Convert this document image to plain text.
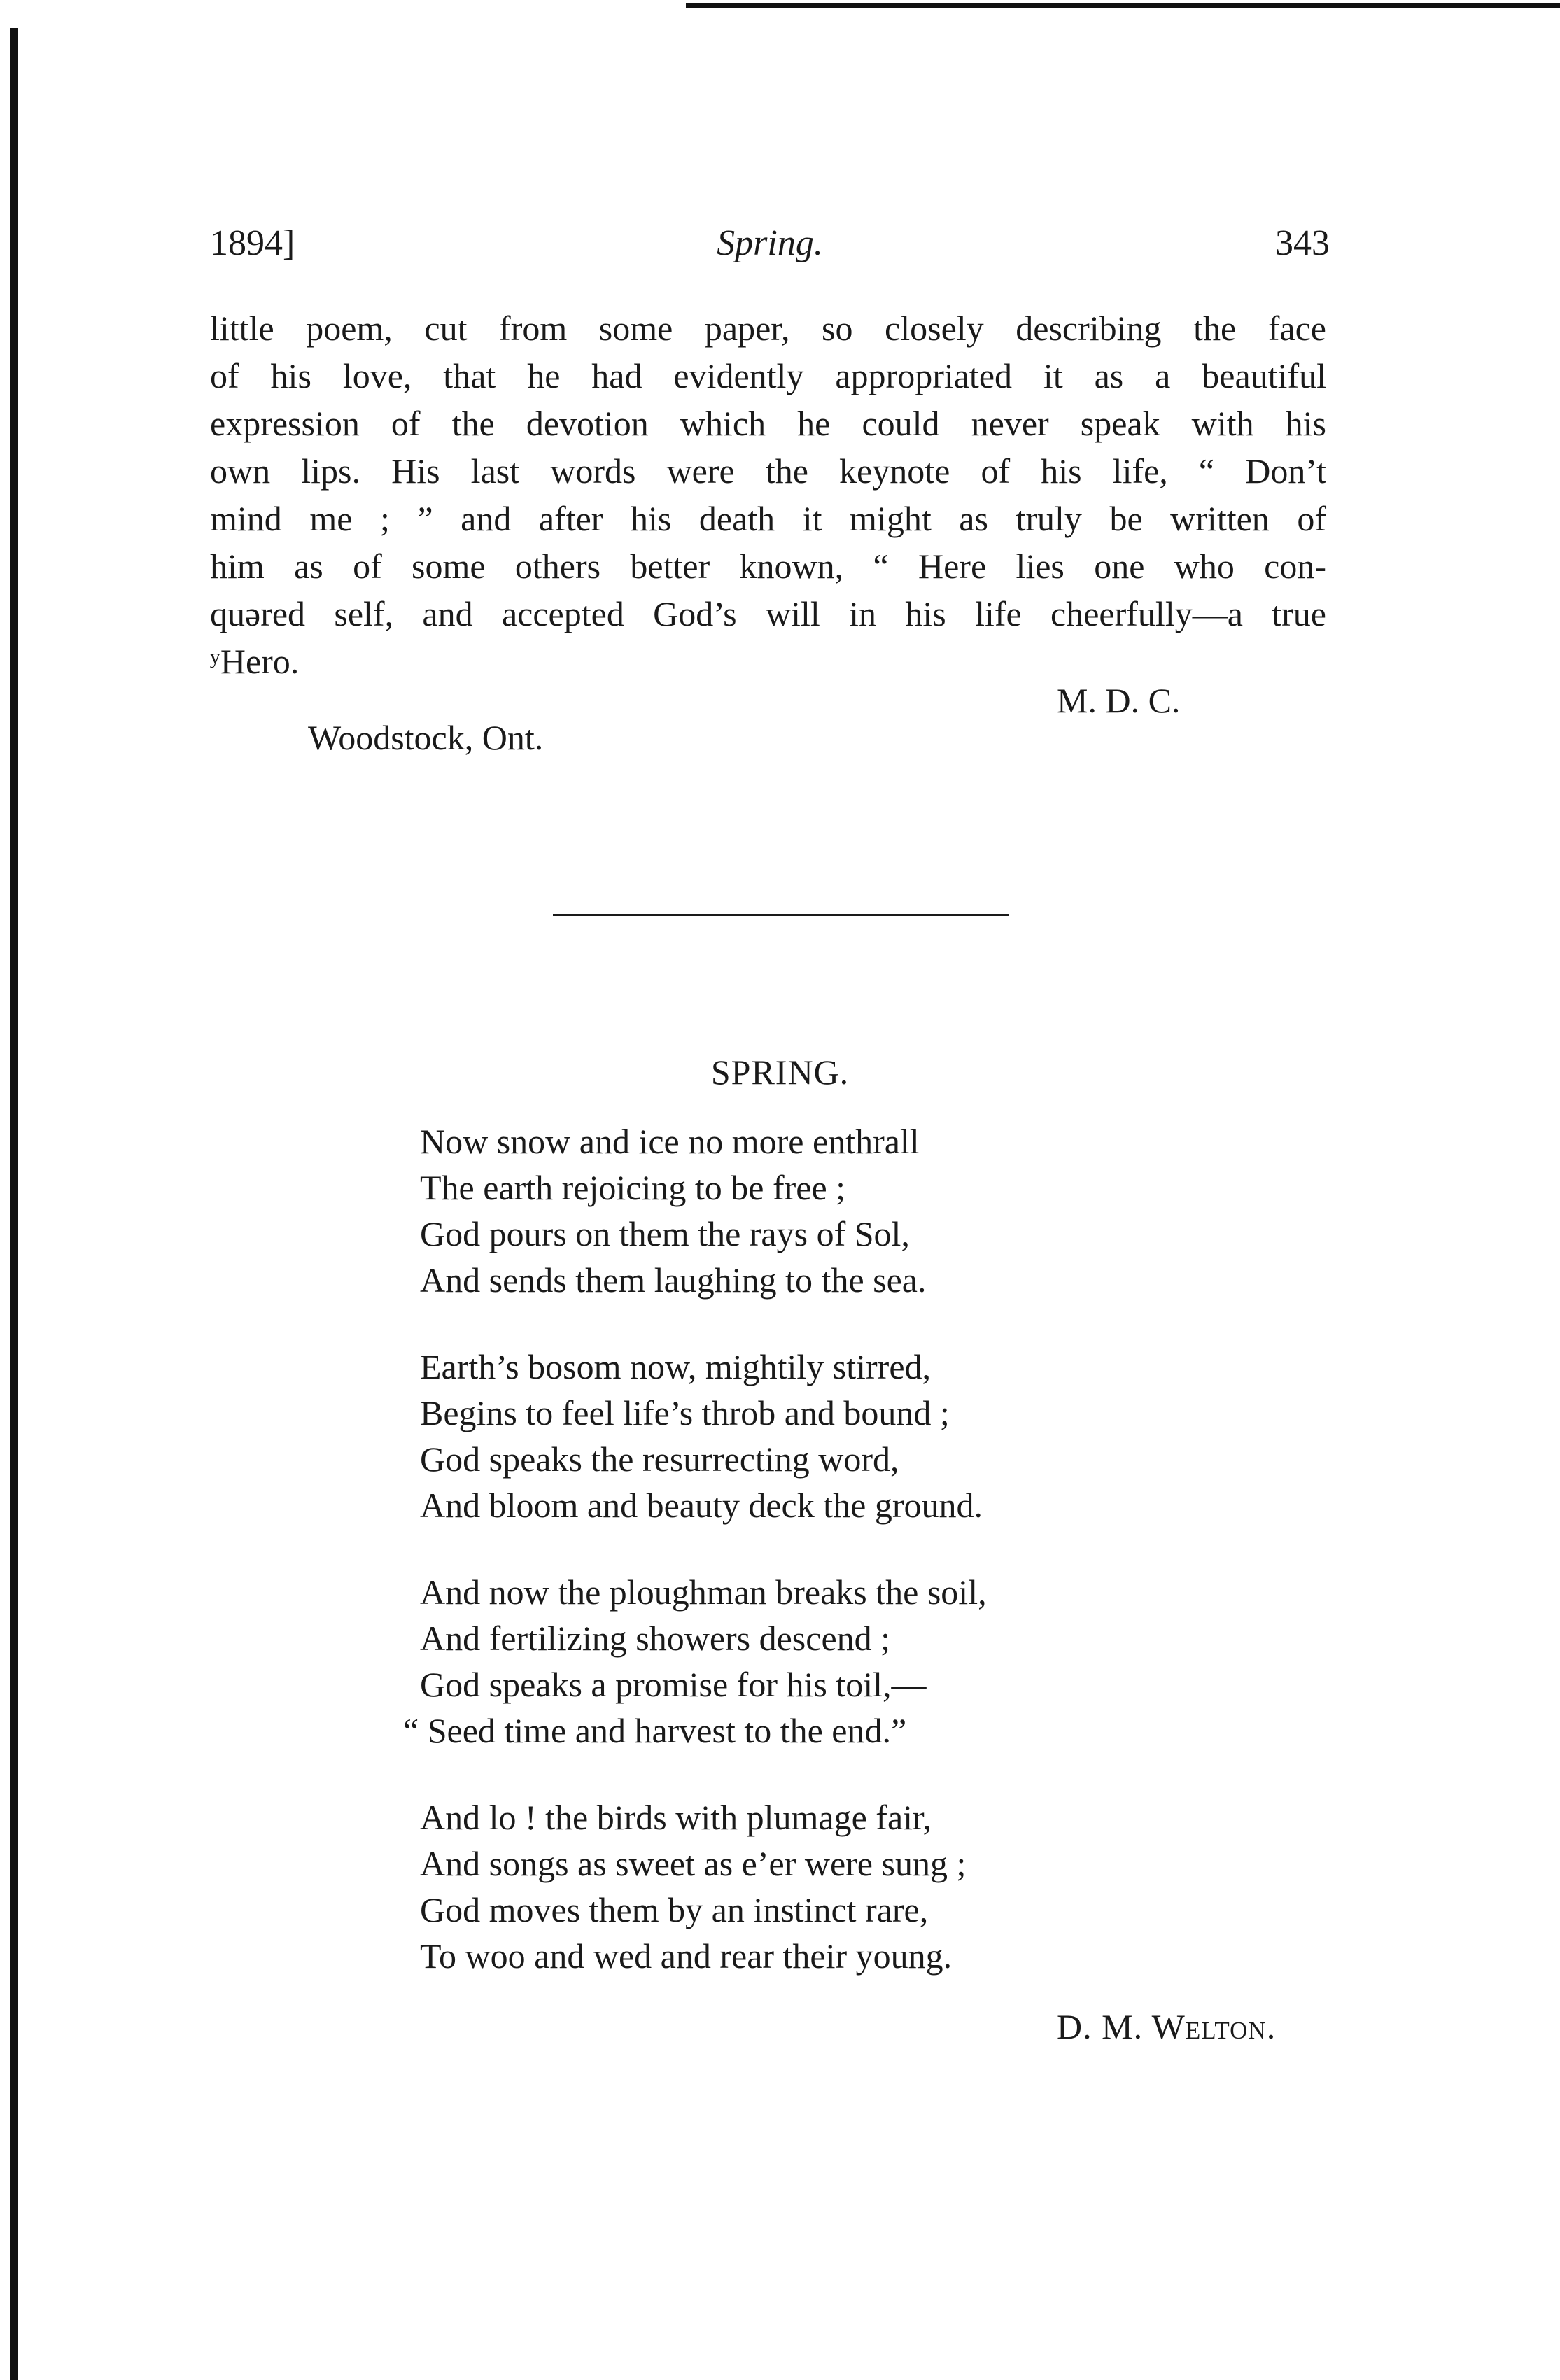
1894]	Spring.	343
little poem, cut from some paper, so closely describing the face
of his love, that he had evidently appropriated it as a beautiful
expression of the devotion which he could never speak with his
own lips. His last words were the keynote of his life, “ Don’t
mind me ; ” and after his death it might as truly be written of
him as of some others better known, “ Here lies one who con-
quəred self, and accepted God’s will in his life cheerfully—a true
ʸHero.
M. D. C.
Woodstock, Ont.
SPRING.
Now snow and ice no more enthrall
The earth rejoicing to be free ;
God pours on them the rays of Sol,
And sends them laughing to the sea.
Earth’s bosom now, mightily stirred,
Begins to feel life’s throb and bound ;
God speaks the resurrecting word,
And bloom and beauty deck the ground.
And now the ploughman breaks the soil,
And fertilizing showers descend ;
God speaks a promise for his toil,—
“ Seed time and harvest to the end.”
And lo ! the birds with plumage fair,
And songs as sweet as e’er were sung ;
God moves them by an instinct rare,
To woo and wed and rear their young.
D. M. Welton.
